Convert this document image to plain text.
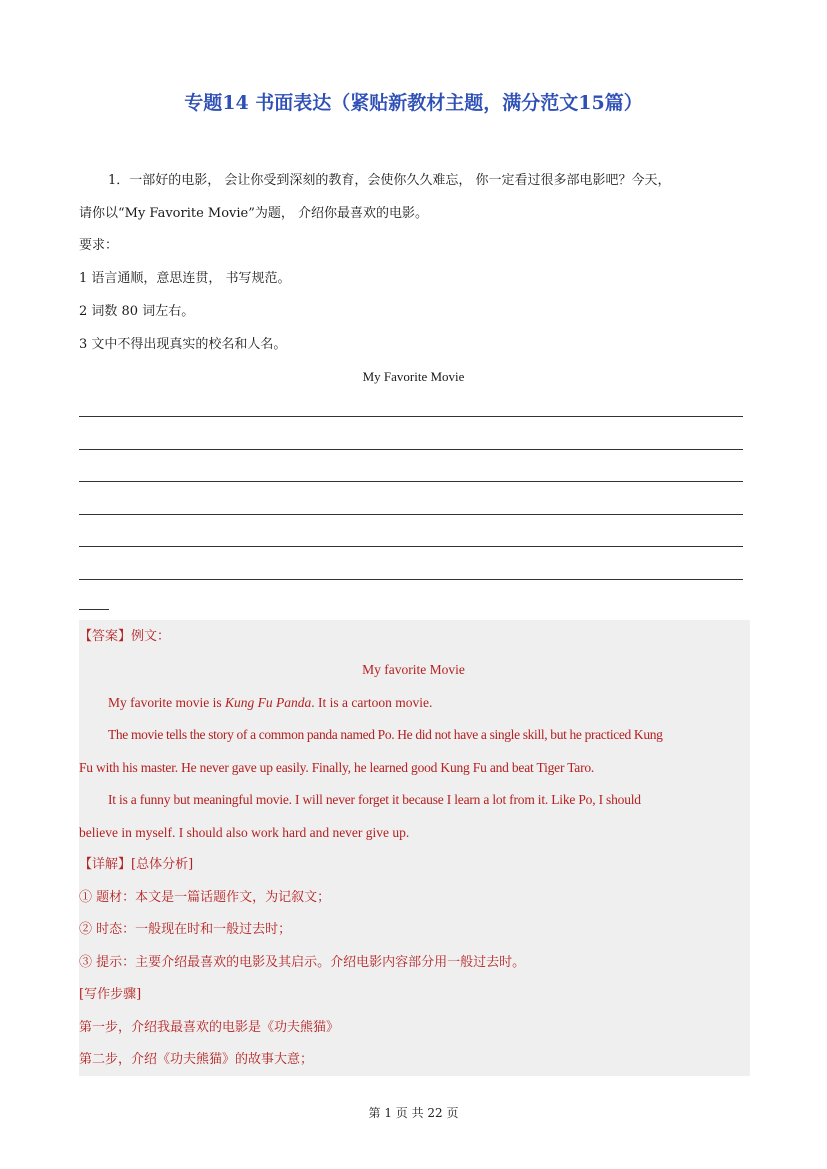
专题14 书面表达（紧贴新教材主题，满分范文15篇）
1．一部好的电影， 会让你受到深刻的教育，会使你久久难忘， 你一定看过很多部电影吧？今天，
请你以“My Favorite Movie”为题， 介绍你最喜欢的电影。
要求：
1 语言通顺，意思连贯， 书写规范。
2 词数 80 词左右。
3 文中不得出现真实的校名和人名。
My Favorite Movie
【答案】例文：
My favorite Movie
My favorite movie is Kung Fu Panda. It is a cartoon movie.
The movie tells the story of a common panda named Po. He did not have a single skill, but he practiced Kung
Fu with his master. He never gave up easily. Finally, he learned good Kung Fu and beat Tiger Taro.
It is a funny but meaningful movie. I will never forget it because I learn a lot from it. Like Po, I should
believe in myself. I should also work hard and never give up.
【详解】[总体分析]
① 题材：本文是一篇话题作文，为记叙文；
② 时态：一般现在时和一般过去时；
③ 提示：主要介绍最喜欢的电影及其启示。介绍电影内容部分用一般过去时。
[写作步骤]
第一步，介绍我最喜欢的电影是《功夫熊猫》
第二步，介绍《功夫熊猫》的故事大意；
第 1 页 共 22 页
